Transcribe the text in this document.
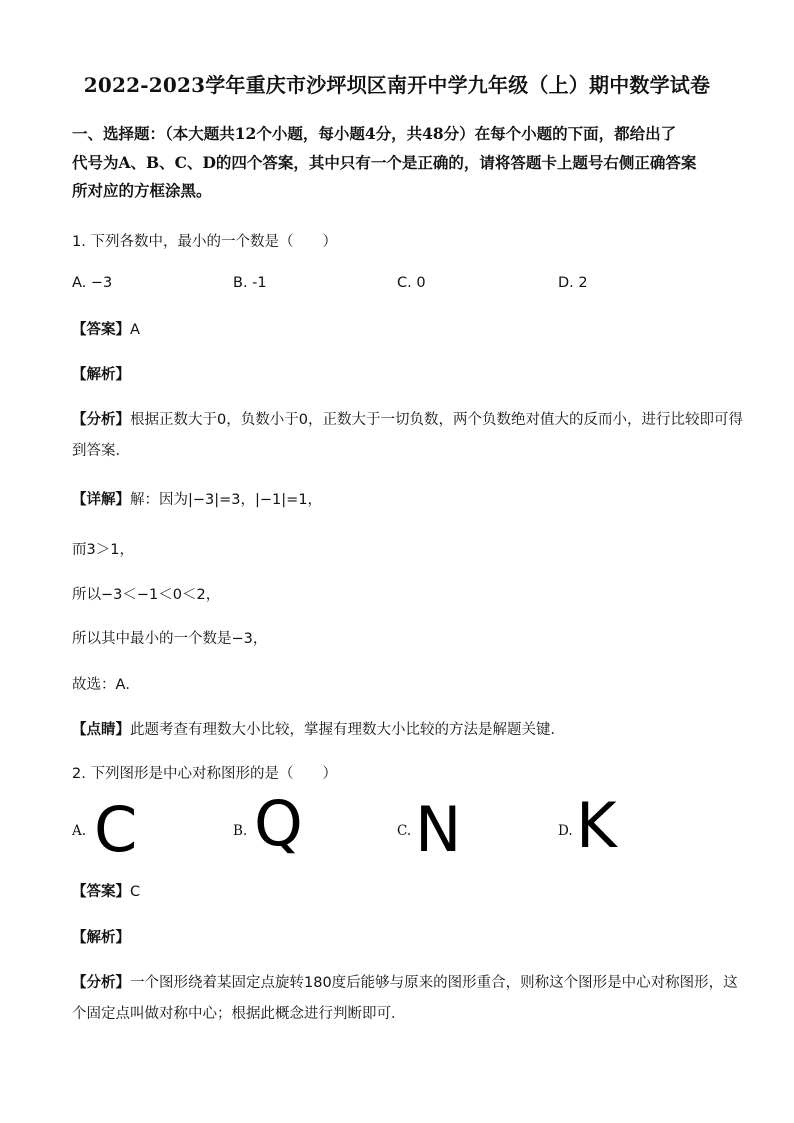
2022-2023学年重庆市沙坪坝区南开中学九年级（上）期中数学试卷
一、选择题：（本大题共12个小题，每小题4分，共48分）在每个小题的下面，都给出了
代号为A、B、C、D的四个答案，其中只有一个是正确的，请将答题卡上题号右侧正确答案
所对应的方框涂黑。
1. 下列各数中，最小的一个数是（　　）
A. −3	B. -1	C. 0	D. 2
【答案】A
【解析】
【分析】根据正数大于0，负数小于0，正数大于一切负数，两个负数绝对值大的反而小，进行比较即可得
到答案．
【详解】解：因为|−3|=3，|−1|=1，
而3＞1，
所以−3＜−1＜0＜2，
所以其中最小的一个数是−3，
故选：A．
【点睛】此题考查有理数大小比较，掌握有理数大小比较的方法是解题关键．
2. 下列图形是中心对称图形的是（　　）
A. C	B. Q	C. N	D. K
【答案】C
【解析】
【分析】一个图形绕着某固定点旋转180度后能够与原来的图形重合，则称这个图形是中心对称图形，这
个固定点叫做对称中心；根据此概念进行判断即可．
